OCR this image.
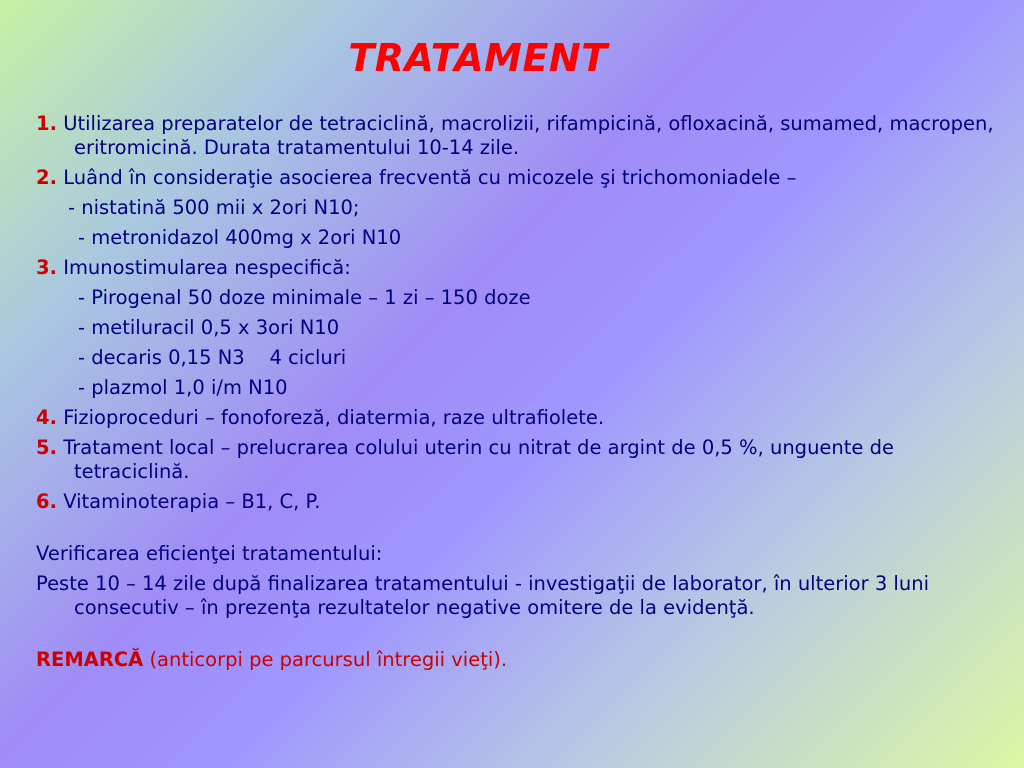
TRATAMENT

1. Utilizarea preparatelor de tetraciclină, macrolizii, rifampicină, ofloxacină, sumamed, macropen, eritromicină. Durata tratamentului 10-14 zile.

2. Luând în consideraţie asocierea frecventă cu micozele şi trichomoniadele –

- nistatină 500 mii x 2ori N10;

- metronidazol 400mg x 2ori N10

3. Imunostimularea nespecifică:

- Pirogenal 50 doze minimale – 1 zi – 150 doze

- metiluracil 0,5 x 3ori N10

- decaris 0,15 N3    4 cicluri

- plazmol 1,0 i/m N10

4. Fizioproceduri – fonoforeză, diatermia, raze ultrafiolete.

5. Tratament local – prelucrarea colului uterin cu nitrat de argint de 0,5 %, unguente de tetraciclină.

6. Vitaminoterapia – B1, C, P.

Verificarea eficienţei tratamentului:

Peste 10 – 14 zile după finalizarea tratamentului - investigaţii de laborator, în ulterior 3 luni consecutiv – în prezenţa rezultatelor negative omitere de la evidenţă.

REMARCĂ (anticorpi pe parcursul întregii vieţi).
